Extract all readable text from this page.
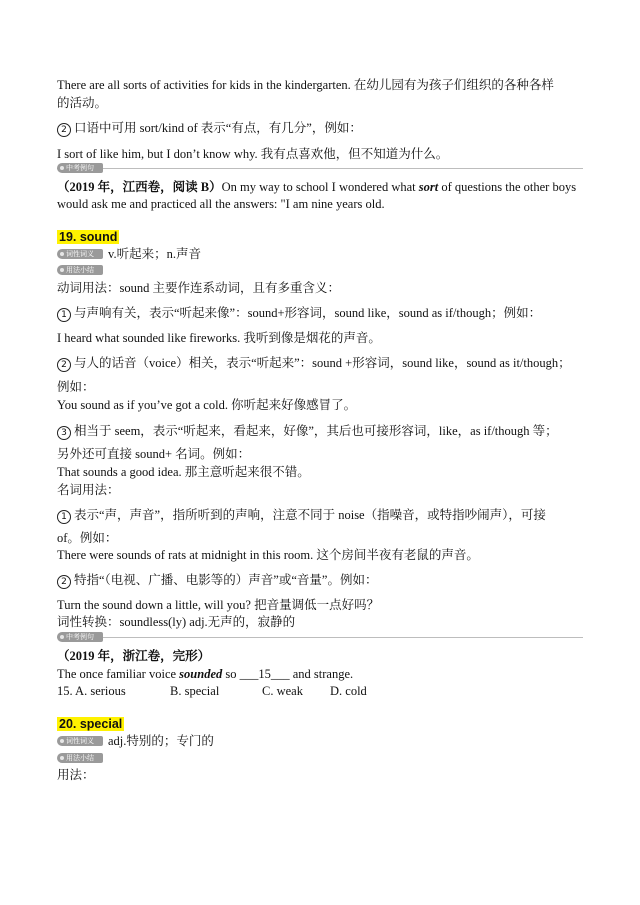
There are all sorts of activities for kids in the kindergarten. 在幼儿园有为孩子们组织的各种各样
的活动。
2 口语中可用 sort/kind of 表示“有点，有几分”，例如：
I sort of like him, but I don’t know why. 我有点喜欢他，但不知道为什么。
中考例句
（2019 年，江西卷，阅读 B）On my way to school I wondered what sort of questions the other boys
would ask me and practiced all the answers: "I am nine years old.
19. sound
词性词义	v.听起来；n.声音
用法小结
动词用法：sound 主要作连系动词，且有多重含义：
1 与声响有关，表示“听起来像”：sound+形容词，sound like，sound as if/though；例如：
I heard what sounded like fireworks. 我听到像是烟花的声音。
2 与人的话音（voice）相关，表示“听起来”：sound +形容词，sound like，sound as it/though；
例如：
You sound as if you’ve got a cold. 你听起来好像感冒了。
3 相当于 seem，表示“听起来，看起来，好像”，其后也可接形容词，like，as if/though 等；
另外还可直接 sound+ 名词。例如：
That sounds a good idea. 那主意听起来很不错。
名词用法：
1 表示“声，声音”，指所听到的声响，注意不同于 noise（指噪音，或特指吵闹声），可接
of。例如：
There were sounds of rats at midnight in this room. 这个房间半夜有老鼠的声音。
2 特指“（电视、广播、电影等的）声音”或“音量”。例如：
Turn the sound down a little, will you? 把音量调低一点好吗？
词性转换：soundless(ly) adj.无声的，寂静的
中考例句
（2019 年，浙江卷，完形）
The once familiar voice sounded so ___15___ and strange.
15. A. serious	B. special	C. weak D. cold
20. special
词性词义	adj.特别的；专门的
用法小结
用法：
